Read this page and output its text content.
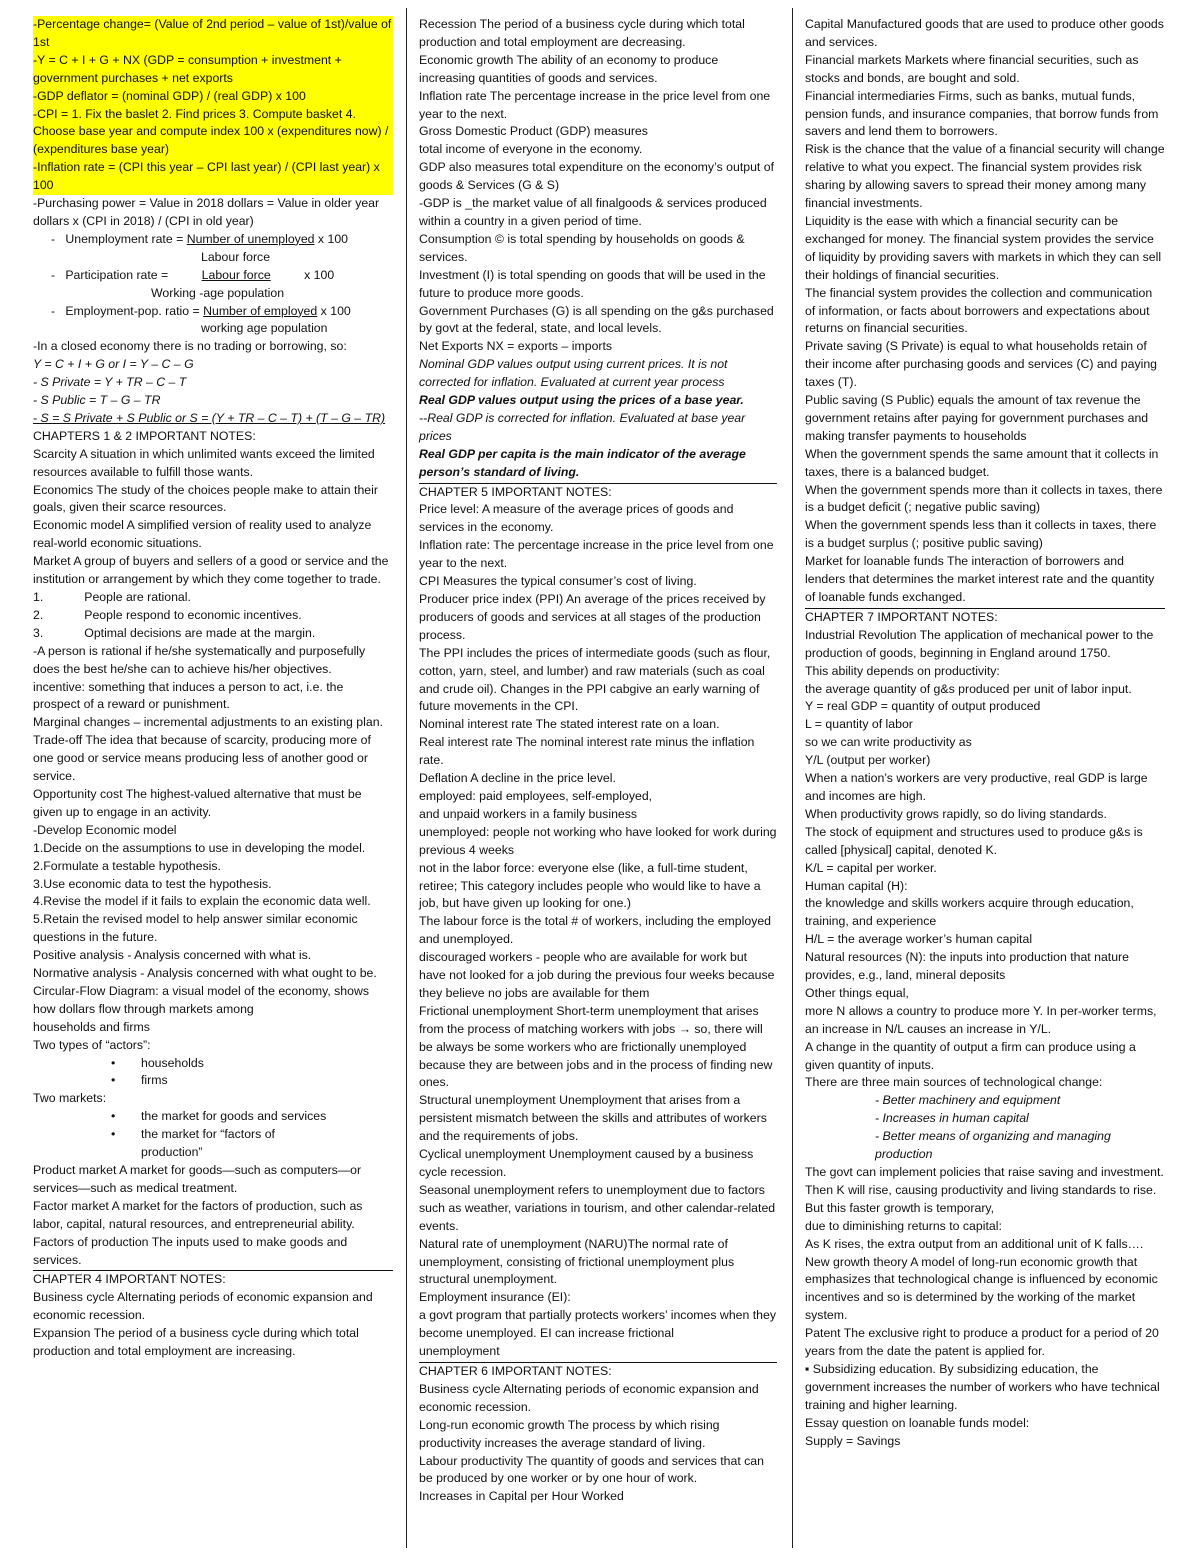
-Percentage change= (Value of 2nd period – value of 1st)/value of 1st

-Y = C + I + G + NX (GDP = consumption + investment + government purchases + net exports

-GDP deflator = (nominal GDP) / (real GDP) x 100

-CPI = 1. Fix the baslet 2. Find prices 3. Compute basket 4. Choose base year and compute index 100 x (expenditures now) / (expenditures base year)

-Inflation rate = (CPI this year – CPI last year) / (CPI last year) x 100

-Purchasing power = Value in 2018 dollars = Value in older year dollars x (CPI in 2018) / (CPI in old year)

-   Unemployment rate = Number of unemployed x 100
Labour force
-   Participation rate = Labour force x 100
Working -age population
-   Employment-pop. ratio = Number of employed x 100
working age population

-In a closed economy there is no trading or borrowing, so:

Y = C + I + G or I = Y – C – G

- S Private = Y + TR – C – T

- S Public = T – G – TR

- S = S Private + S Public or S = (Y + TR – C – T) + (T – G – TR)

CHAPTERS 1 & 2 IMPORTANT NOTES:

Scarcity A situation in which unlimited wants exceed the limited resources available to fulfill those wants.

Economics The study of the choices people make to attain their goals, given their scarce resources.

Economic model A simplified version of reality used to analyze real-world economic situations.

Market A group of buyers and sellers of a good or service and the institution or arrangement by which they come together to trade.

1.            People are rational.

2.            People respond to economic incentives.

3.            Optimal decisions are made at the margin.

-A person is rational if he/she systematically and purposefully does the best he/she can to achieve his/her objectives.

incentive: something that induces a person to act, i.e. the prospect of a reward or punishment.

Marginal changes – incremental adjustments to an existing plan.

Trade-off The idea that because of scarcity, producing more of one good or service means producing less of another good or service.

Opportunity cost The highest-valued alternative that must be given up to engage in an activity.

-Develop Economic model

1.Decide on the assumptions to use in developing the model.

2.Formulate a testable hypothesis.

3.Use economic data to test the hypothesis.

4.Revise the model if it fails to explain the economic data well.

5.Retain the revised model to help answer similar economic questions in the future.

Positive analysis - Analysis concerned with what is.

Normative analysis - Analysis concerned with what ought to be.

Circular-Flow Diagram: a visual model of the economy, shows how dollars flow through markets among

households and firms

Two types of “actors”:

• households

• firms

Two markets:

• the market for goods and services

• the market for “factors of production”

Product market A market for goods—such as computers—or services—such as medical treatment.

Factor market A market for the factors of production, such as labor, capital, natural resources, and entrepreneurial ability.

Factors of production The inputs used to make goods and services.

CHAPTER 4 IMPORTANT NOTES:

Business cycle Alternating periods of economic expansion and economic recession.

Expansion The period of a business cycle during which total production and total employment are increasing.

Recession The period of a business cycle during which total production and total employment are decreasing.

Economic growth The ability of an economy to produce increasing quantities of goods and services.

Inflation rate The percentage increase in the price level from one year to the next.

Gross Domestic Product (GDP) measures

total income of everyone in the economy.

GDP also measures total expenditure on the economy’s output of goods & Services (G & S)

-GDP is _the market value of all finalgoods & services produced within a country in a given period of time.

Consumption © is total spending by households on goods & services.

Investment (I) is total spending on goods that will be used in the future to produce more goods.

Government Purchases (G) is all spending on the g&s purchased by govt at the federal, state, and local levels.

Net Exports NX = exports – imports

Nominal GDP values output using current prices. It is not corrected for inflation. Evaluated at current year process

Real GDP values output using the prices of a base year.

--Real GDP is corrected for inflation. Evaluated at base year prices

Real GDP per capita is the main indicator of the average person’s standard of living.

CHAPTER 5 IMPORTANT NOTES:

Price level: A measure of the average prices of goods and services in the economy.

Inflation rate: The percentage increase in the price level from one year to the next.

CPI Measures the typical consumer’s cost of living.

Producer price index (PPI) An average of the prices received by producers of goods and services at all stages of the production process.

The PPI includes the prices of intermediate goods (such as flour, cotton, yarn, steel, and lumber) and raw materials (such as coal and crude oil). Changes in the PPI cabgive an early warning of future movements in the CPI.

Nominal interest rate The stated interest rate on a loan.

Real interest rate The nominal interest rate minus the inflation rate.

Deflation A decline in the price level.

employed: paid employees, self-employed,

and unpaid workers in a family business

unemployed: people not working who have looked for work during previous 4 weeks

not in the labor force: everyone else (like, a full-time student, retiree; This category includes people who would like to have a job, but have given up looking for one.)

The labour force is the total # of workers, including the employed and unemployed.

discouraged workers - people who are available for work but have not looked for a job during the previous four weeks because they believe no jobs are available for them

Frictional unemployment Short-term unemployment that arises from the process of matching workers with jobs → so, there will be always be some workers who are frictionally unemployed because they are between jobs and in the process of finding new ones.

Structural unemployment Unemployment that arises from a persistent mismatch between the skills and attributes of workers and the requirements of jobs.

Cyclical unemployment Unemployment caused by a business cycle recession.

Seasonal unemployment refers to unemployment due to factors such as weather, variations in tourism, and other calendar-related events.

Natural rate of unemployment (NARU)The normal rate of unemployment, consisting of frictional unemployment plus structural unemployment.

Employment insurance (EI):

a govt program that partially protects workers’ incomes when they become unemployed. EI can increase frictional

unemployment

CHAPTER 6 IMPORTANT NOTES:

Business cycle Alternating periods of economic expansion and economic recession.

Long-run economic growth The process by which rising productivity increases the average standard of living.

Labour productivity The quantity of goods and services that can be produced by one worker or by one hour of work.

Increases in Capital per Hour Worked

Capital Manufactured goods that are used to produce other goods and services.

Financial markets Markets where financial securities, such as stocks and bonds, are bought and sold.

Financial intermediaries Firms, such as banks, mutual funds, pension funds, and insurance companies, that borrow funds from savers and lend them to borrowers.

Risk is the chance that the value of a financial security will change relative to what you expect. The financial system provides risk sharing by allowing savers to spread their money among many financial investments.

Liquidity is the ease with which a financial security can be exchanged for money. The financial system provides the service of liquidity by providing savers with markets in which they can sell their holdings of financial securities.

The financial system provides the collection and communication of information, or facts about borrowers and expectations about returns on financial securities.

Private saving (S Private) is equal to what households retain of their income after purchasing goods and services (C) and paying taxes (T).

Public saving (S Public) equals the amount of tax revenue the government retains after paying for government purchases and making transfer payments to households

When the government spends the same amount that it collects in taxes, there is a balanced budget.

When the government spends more than it collects in taxes, there is a budget deficit (; negative public saving)

When the government spends less than it collects in taxes, there is a budget surplus (; positive public saving)

Market for loanable funds The interaction of borrowers and lenders that determines the market interest rate and the quantity of loanable funds exchanged.

CHAPTER 7 IMPORTANT NOTES:

Industrial Revolution The application of mechanical power to the production of goods, beginning in England around 1750.

This ability depends on productivity:

the average quantity of g&s produced per unit of labor input.

Y = real GDP = quantity of output produced

L = quantity of labor

so we can write productivity as

Y/L (output per worker)

When a nation’s workers are very productive, real GDP is large and incomes are high.

When productivity grows rapidly, so do living standards.

The stock of equipment and structures used to produce g&s is called [physical] capital, denoted K.

K/L = capital per worker.

Human capital (H):

the knowledge and skills workers acquire through education, training, and experience

H/L = the average worker’s human capital

Natural resources (N): the inputs into production that nature provides, e.g., land, mineral deposits

Other things equal,

more N allows a country to produce more Y. In per-worker terms, an increase in N/L causes an increase in Y/L.

A change in the quantity of output a firm can produce using a given quantity of inputs.

There are three main sources of technological change:

- Better machinery and equipment

- Increases in human capital

- Better means of organizing and managing production

The govt can implement policies that raise saving and investment. Then K will rise, causing productivity and living standards to rise.

But this faster growth is temporary,

due to diminishing returns to capital:

As K rises, the extra output from an additional unit of K falls….

New growth theory A model of long-run economic growth that emphasizes that technological change is influenced by economic incentives and so is determined by the working of the market system.

Patent The exclusive right to produce a product for a period of 20 years from the date the patent is applied for.

▪ Subsidizing education. By subsidizing education, the government increases the number of workers who have technical training and higher learning.

Essay question on loanable funds model:

Supply = Savings
